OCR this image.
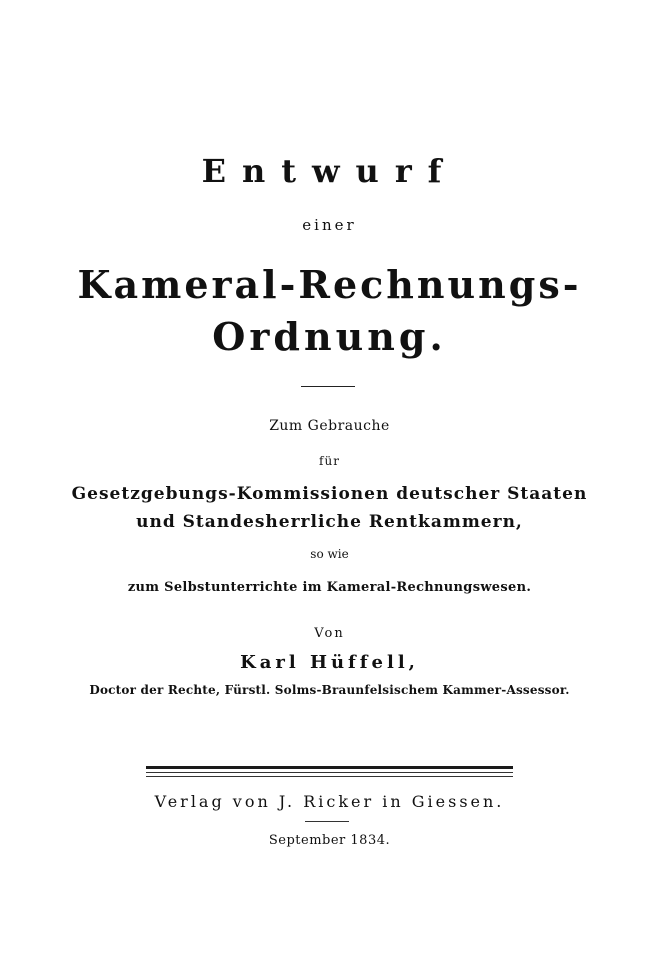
Entwurf
einer
Kameral-Rechnungs-
Ordnung.
Zum Gebrauche
für
Gesetzgebungs-Kommissionen deutscher Staaten
und Standesherrliche Rentkammern,
so wie
zum Selbstunterrichte im Kameral-Rechnungswesen.
Von
Karl Hüffell,
Doctor der Rechte, Fürstl. Solms-Braunfelsischem Kammer-Assessor.
Verlag von J. Ricker in Giessen.
September 1834.
